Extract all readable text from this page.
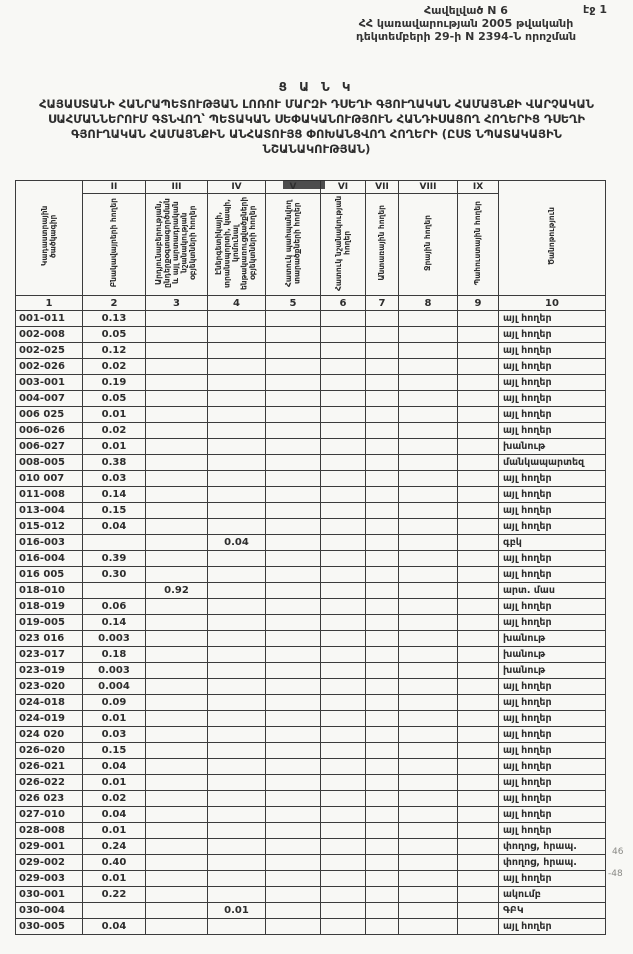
էջ 1
Հավելված N 6
ՀՀ կառավարության 2005 թվականի
դեկտեմբերի 29-ի N 2394-Ն որոշման
Ց Ա Ն Կ
ՀԱՅԱՍՏԱՆԻ ՀԱՆՐԱՊԵՏՈՒԹՅԱՆ ԼՈՌՈՒ ՄԱՐԶԻ ԴՍԵՂԻ ԳՅՈՒՂԱԿԱՆ ՀԱՄԱՅՆՔԻ ՎԱՐՉԱԿԱՆ
ՍԱՀՄԱՆՆԵՐՈՒՄ ԳՏՆՎՈՂ՝ ՊԵՏԱԿԱՆ ՍԵՓԱԿԱՆՈՒԹՅՈՒՆ ՀԱՆԴԻՍԱՑՈՂ ՀՈՂԵՐԻՑ ԴՍԵՂԻ
ԳՅՈՒՂԱԿԱՆ ՀԱՄԱՅՆՔԻՆ ԱՆՀԱՏՈՒՅՑ ՓՈԽԱՆՑՎՈՂ ՀՈՂԵՐԻ (ԸՍՏ ՆՊԱՏԱԿԱՅԻՆ
ՆՇԱՆԱԿՈՒԹՅԱՆ)
Կադաստրային ծածկագիր	II	III	IV		VI	VII	VIII	IX	Ծանոթություն
	Բնակավայրերի հողեր	Արդյունաբերության, ընդերքօգտագործման և այլ արտադրական նշանակության օբյեկտների հողեր	Էներգետիկայի, տրանսպորտի, կապի, կոմունալ ենթակառուցվածքների օբյեկտների հողեր	Հատուկ պահպանվող տարածքների հողեր	Հատուկ նշանակության հողեր	Անտառային հողեր	Ջրային հողեր	Պահուստային հողեր	
1	2	3	4	5	6	7	8	9	10
001-011	0.13								այլ հողեր
002-008	0.05								այլ հողեր
002-025	0.12								այլ հողեր
002-026	0.02								այլ հողեր
003-001	0.19								այլ հողեր
004-007	0.05								այլ հողեր
006 025	0.01								այլ հողեր
006-026	0.02								այլ հողեր
006-027	0.01								խանութ
008-005	0.38								մանկապարտեզ
010 007	0.03								այլ հողեր
011-008	0.14								այլ հողեր
013-004	0.15								այլ հողեր
015-012	0.04								այլ հողեր
016-003			0.04						գբկ
016-004	0.39								այլ հողեր
016 005	0.30								այլ հողեր
018-010		0.92							արտ. մաս
018-019	0.06								այլ հողեր
019-005	0.14								այլ հողեր
023 016	0.003								խանութ
023-017	0.18								խանութ
023-019	0.003								խանութ
023-020	0.004								այլ հողեր
024-018	0.09								այլ հողեր
024-019	0.01								այլ հողեր
024 020	0.03								այլ հողեր
026-020	0.15								այլ հողեր
026-021	0.04								այլ հողեր
026-022	0.01								այլ հողեր
026 023	0.02								այլ հողեր
027-010	0.04								այլ հողեր
028-008	0.01								այլ հողեր
029-001	0.24								փողոց, հրապ.
029-002	0.40								փողոց, հրապ.
029-003	0.01								այլ հողեր
030-001	0.22								ակումբ
030-004			0.01						ԳԲԿ
030-005	0.04								այլ հողեր
46
-48
